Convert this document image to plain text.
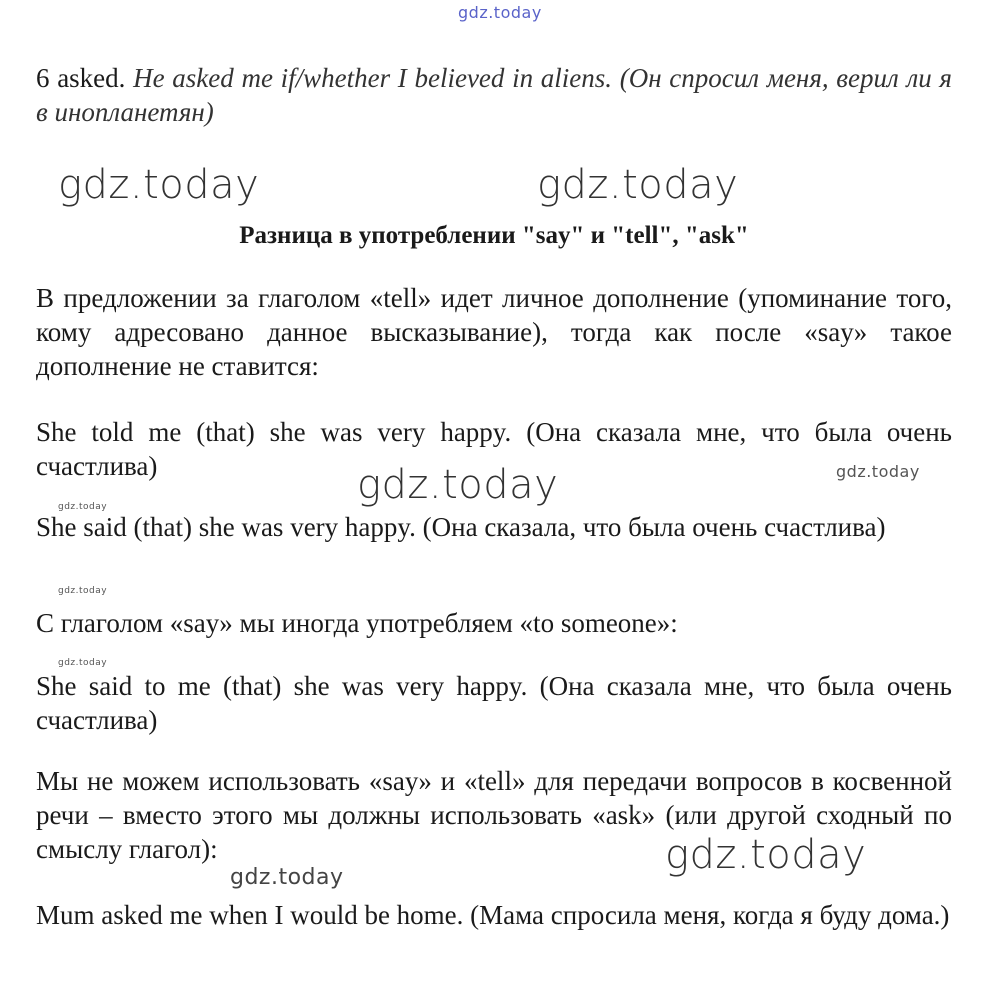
gdz.today
gdz.today	gdz.today
gdz.today	gdz.today
gdz.today
gdz.today
gdz.today
gdz.today
gdz.today

6 asked. He asked me if/whether I believed in aliens. (Он спросил меня, верил ли я в инопланетян)

Разница в употреблении "say" и "tell", "ask"

В предложении за глаголом «tell» идет личное дополнение (упоминание того, кому адресовано данное высказывание), тогда как после «say» такое дополнение не ставится:

She told me (that) she was very happy. (Она сказала мне, что была очень счастлива)

She said (that) she was very happy. (Она сказала, что была очень счастлива)

С глаголом «say» мы иногда употребляем «to someone»:

She said to me (that) she was very happy. (Она сказала мне, что была очень счастлива)

Мы не можем использовать «say» и «tell» для передачи вопросов в косвенной речи – вместо этого мы должны использовать «ask» (или другой сходный по смыслу глагол):

Mum asked me when I would be home. (Мама спросила меня, когда я буду дома.)
